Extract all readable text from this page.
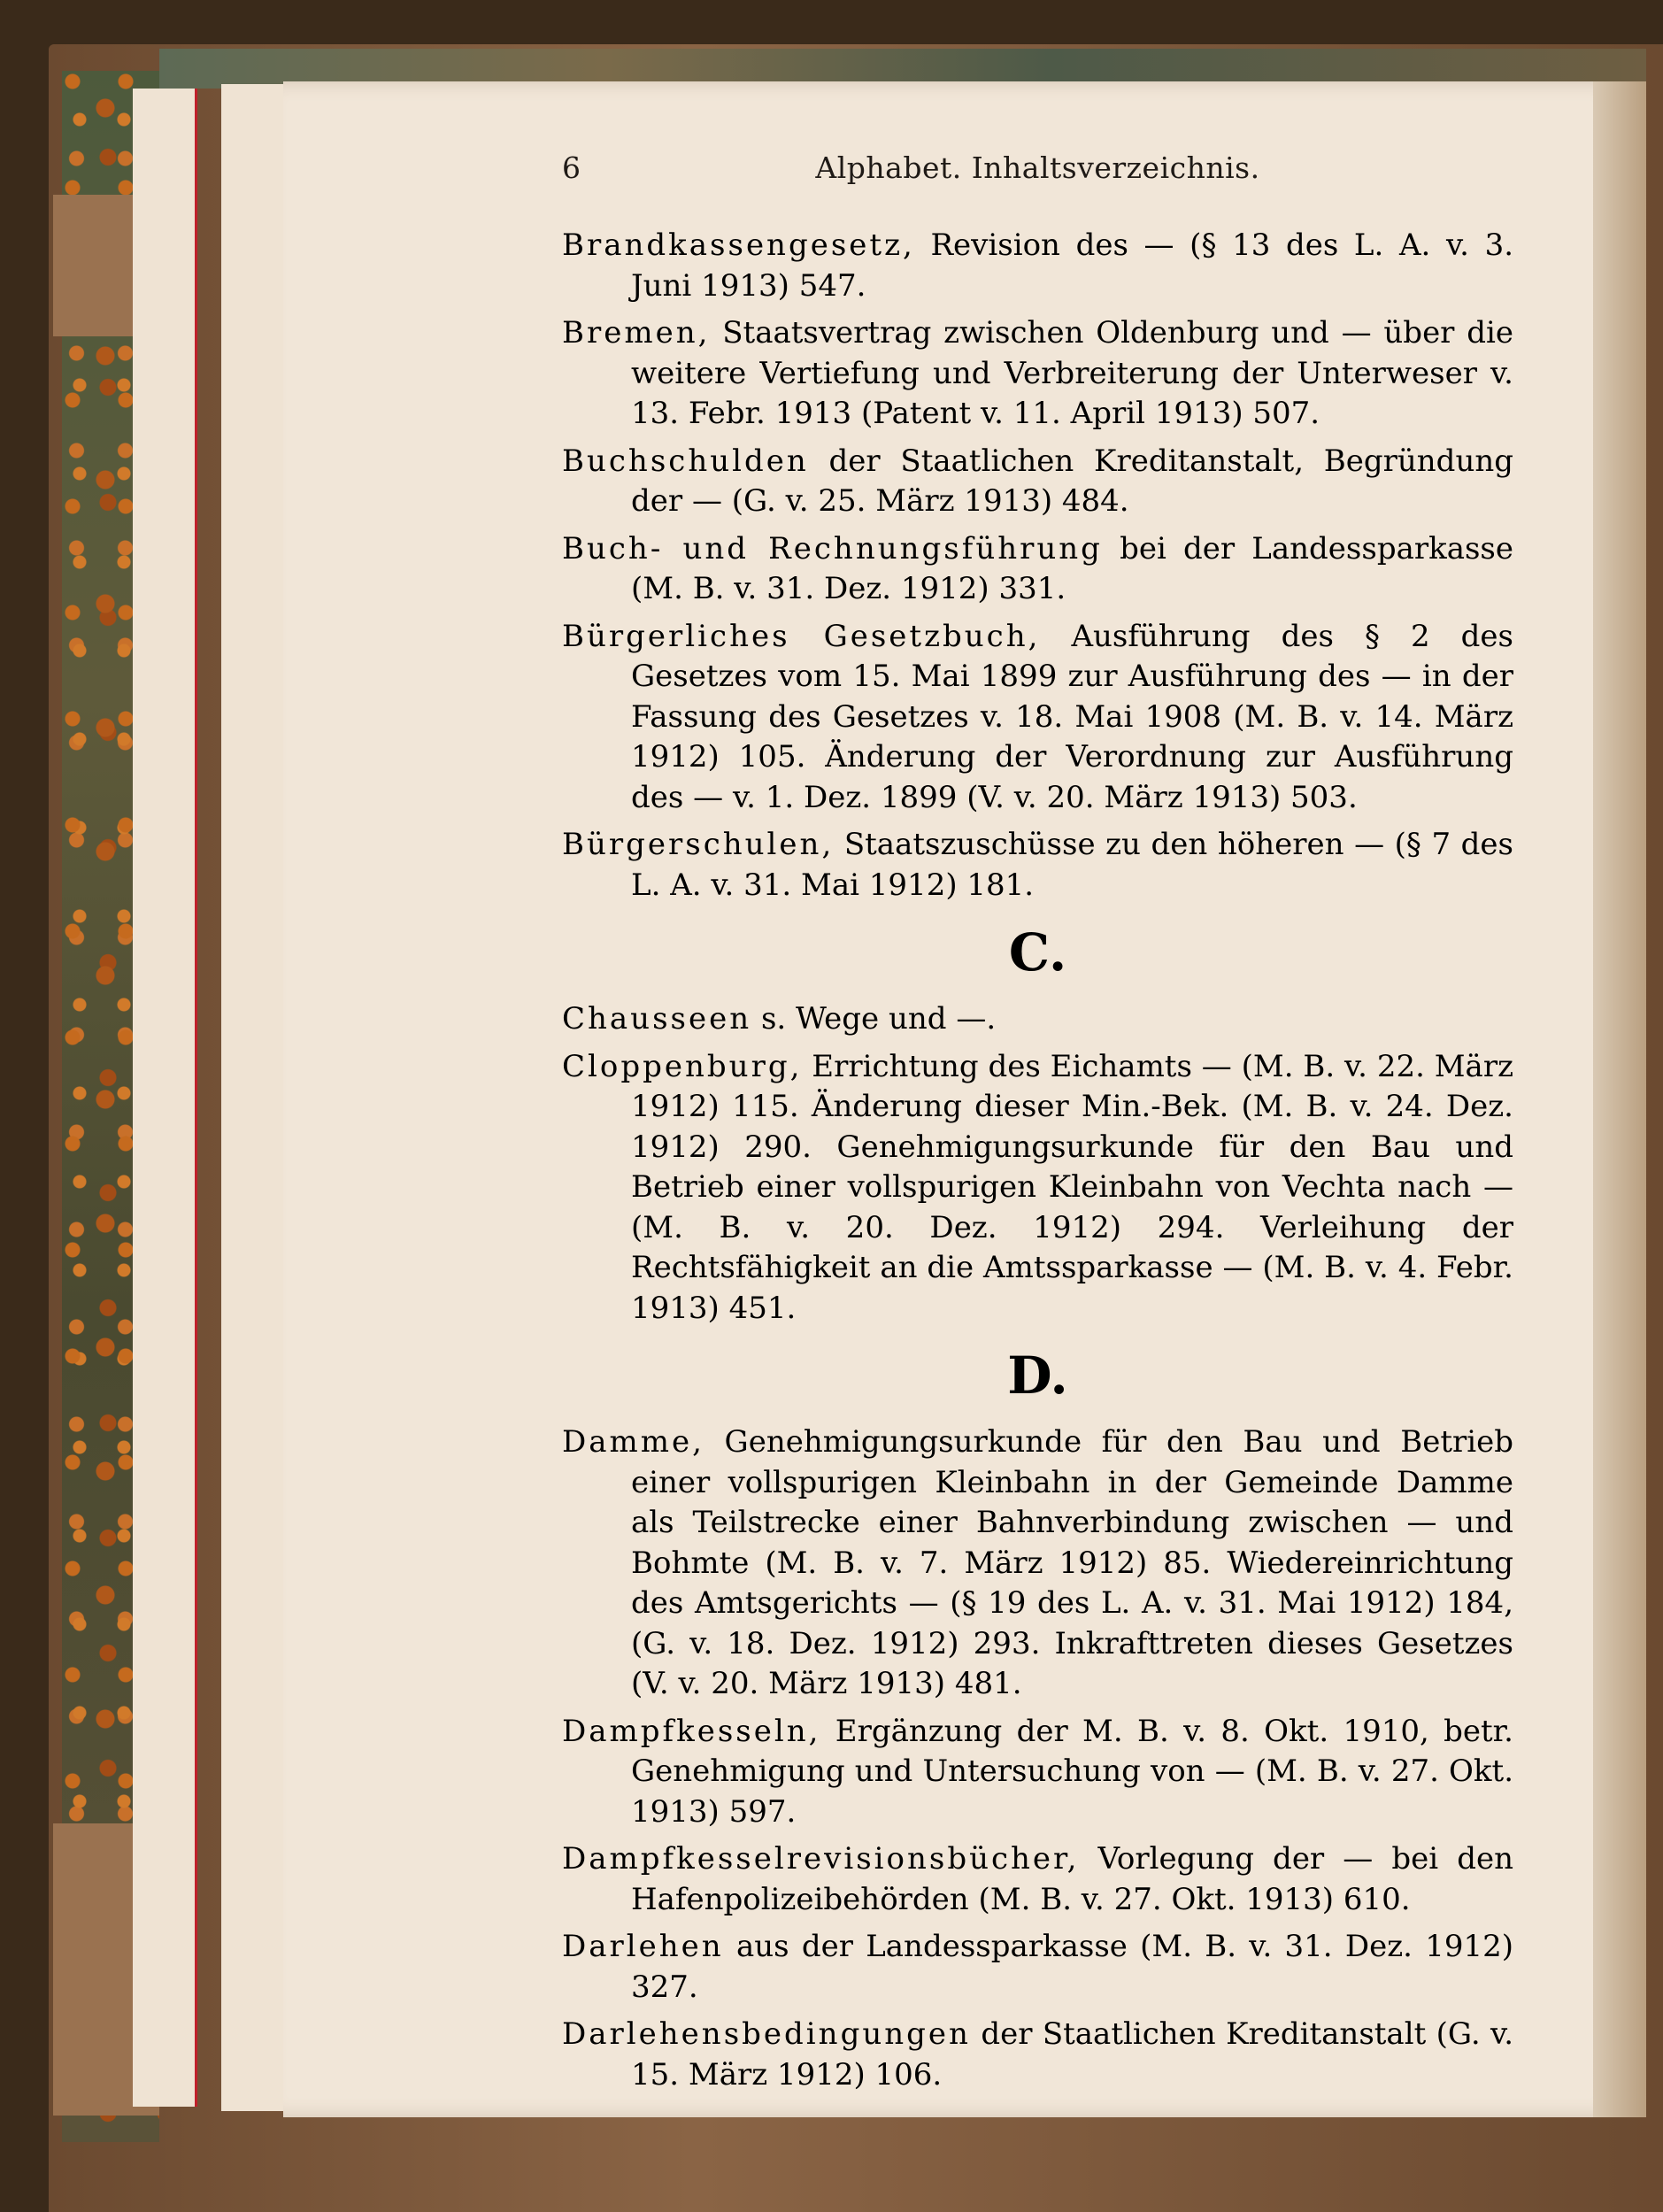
6	Alphabet. Inhaltsverzeichnis.
Brandkassengesetz, Revision des — (§ 13 des L. A. v. 3. Juni 1913) 547.
Bremen, Staatsvertrag zwischen Oldenburg und — über die weitere Vertiefung und Verbreiterung der Unterweser v. 13. Febr. 1913 (Patent v. 11. April 1913) 507.
Buchschulden der Staatlichen Kreditanstalt, Begründung der — (G. v. 25. März 1913) 484.
Buch- und Rechnungsführung bei der Landessparkasse (M. B. v. 31. Dez. 1912) 331.
Bürgerliches Gesetzbuch, Ausführung des § 2 des Gesetzes vom 15. Mai 1899 zur Ausführung des — in der Fassung des Gesetzes v. 18. Mai 1908 (M. B. v. 14. März 1912) 105. Änderung der Verordnung zur Ausführung des — v. 1. Dez. 1899 (V. v. 20. März 1913) 503.
Bürgerschulen, Staatszuschüsse zu den höheren — (§ 7 des L. A. v. 31. Mai 1912) 181.
C.
Chausseen s. Wege und —.
Cloppenburg, Errichtung des Eichamts — (M. B. v. 22. März 1912) 115. Änderung dieser Min.-Bek. (M. B. v. 24. Dez. 1912) 290. Genehmigungsurkunde für den Bau und Betrieb einer vollspurigen Kleinbahn von Vechta nach — (M. B. v. 20. Dez. 1912) 294. Verleihung der Rechtsfähigkeit an die Amtssparkasse — (M. B. v. 4. Febr. 1913) 451.
D.
Damme, Genehmigungsurkunde für den Bau und Betrieb einer vollspurigen Kleinbahn in der Gemeinde Damme als Teilstrecke einer Bahnverbindung zwischen — und Bohmte (M. B. v. 7. März 1912) 85. Wiedereinrichtung des Amtsgerichts — (§ 19 des L. A. v. 31. Mai 1912) 184, (G. v. 18. Dez. 1912) 293. Inkrafttreten dieses Gesetzes (V. v. 20. März 1913) 481.
Dampfkesseln, Ergänzung der M. B. v. 8. Okt. 1910, betr. Genehmigung und Untersuchung von — (M. B. v. 27. Okt. 1913) 597.
Dampfkesselrevisionsbücher, Vorlegung der — bei den Hafenpolizeibehörden (M. B. v. 27. Okt. 1913) 610.
Darlehen aus der Landessparkasse (M. B. v. 31. Dez. 1912) 327.
Darlehensbedingungen der Staatlichen Kreditanstalt (G. v. 15. März 1912) 106.
